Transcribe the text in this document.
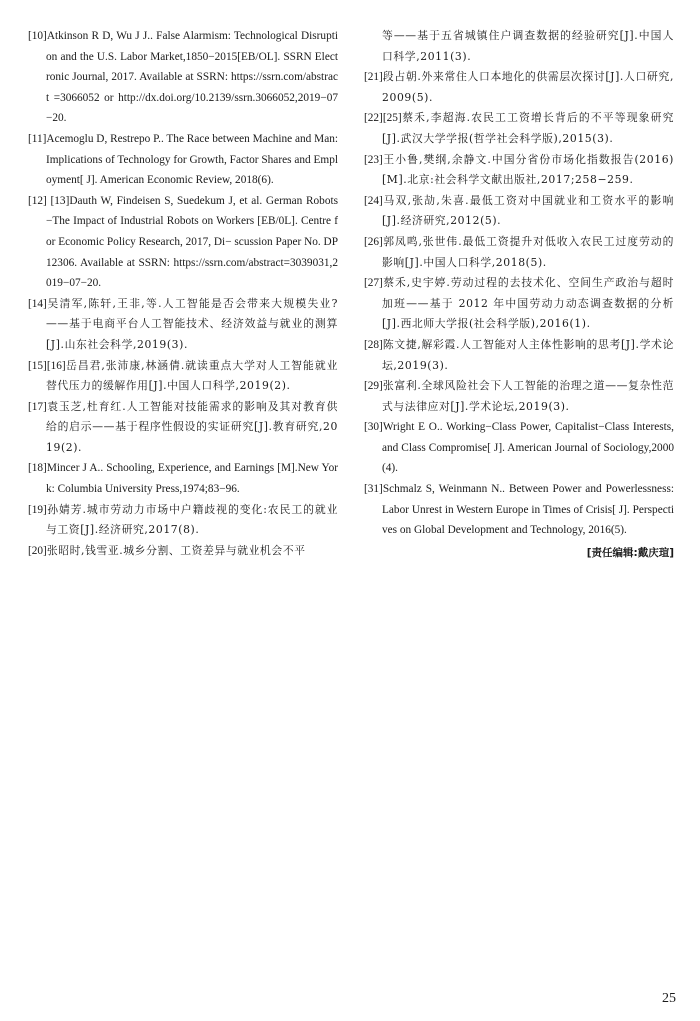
[10]Atkinson R D, Wu J J.. False Alarmism: Technological Disruption and the U.S. Labor Market,1850−2015[EB/OL]. SSRN Electronic Journal, 2017. Available at SSRN: https://ssrn.com/abstract =3066052 or http://dx.doi.org/10.2139/ssrn.3066052,2019−07−20.

[11]Acemoglu D, Restrepo P.. The Race between Machine and Man: Implications of Technology for Growth, Factor Shares and Employment[ J]. American Economic Review, 2018(6).

[12] [13]Dauth W, Findeisen S, Suedekum J, et al. German Robots −The Impact of Industrial Robots on Workers [EB/0L]. Centre for Economic Policy Research, 2017, Di− scussion Paper No. DP12306. Available at SSRN: https://ssrn.com/abstract=3039031,2019−07−20.

[14]吴清军,陈轩,王非,等.人工智能是否会带来大规模失业?——基于电商平台人工智能技术、经济效益与就业的测算[J].山东社会科学,2019(3).

[15][16]岳昌君,张沛康,林涵倩.就读重点大学对人工智能就业替代压力的缓解作用[J].中国人口科学,2019(2).

[17]袁玉芝,杜育红.人工智能对技能需求的影响及其对教育供给的启示——基于程序性假设的实证研究[J].教育研究,2019(2).

[18]Mincer J A.. Schooling, Experience, and Earnings [M].New York: Columbia University Press,1974;83−96.

[19]孙婧芳.城市劳动力市场中户籍歧视的变化:农民工的就业与工资[J].经济研究,2017(8).

[20]张昭时,钱雪亚.城乡分割、工资差异与就业机会不平

等——基于五省城镇住户调查数据的经验研究[J].中国人口科学,2011(3).

[21]段占朝.外来常住人口本地化的供需层次探讨[J].人口研究,2009(5).

[22][25]蔡禾,李超海.农民工工资增长背后的不平等现象研究[J].武汉大学学报(哲学社会科学版),2015(3).

[23]王小鲁,樊纲,余静文.中国分省份市场化指数报告(2016)[M].北京:社会科学文献出版社,2017;258−259.

[24]马双,张劼,朱喜.最低工资对中国就业和工资水平的影响[J].经济研究,2012(5).

[26]郭凤鸣,张世伟.最低工资提升对低收入农民工过度劳动的影响[J].中国人口科学,2018(5).

[27]蔡禾,史宇婷.劳动过程的去技术化、空间生产政治与超时加班——基于 2012 年中国劳动力动态调查数据的分析[J].西北师大学报(社会科学版),2016(1).

[28]陈文捷,解彩霞.人工智能对人主体性影响的思考[J].学术论坛,2019(3).

[29]张富利.全球风险社会下人工智能的治理之道——复杂性范式与法律应对[J].学术论坛,2019(3).

[30]Wright E O.. Working−Class Power, Capitalist−Class Interests, and Class Compromise[ J]. American Journal of Sociology,2000(4).

[31]Schmalz S, Weinmann N.. Between Power and Powerlessness: Labor Unrest in Western Europe in Times of Crisis[ J]. Perspectives on Global Development and Technology, 2016(5).

[责任编辑:戴庆瑄]
25
